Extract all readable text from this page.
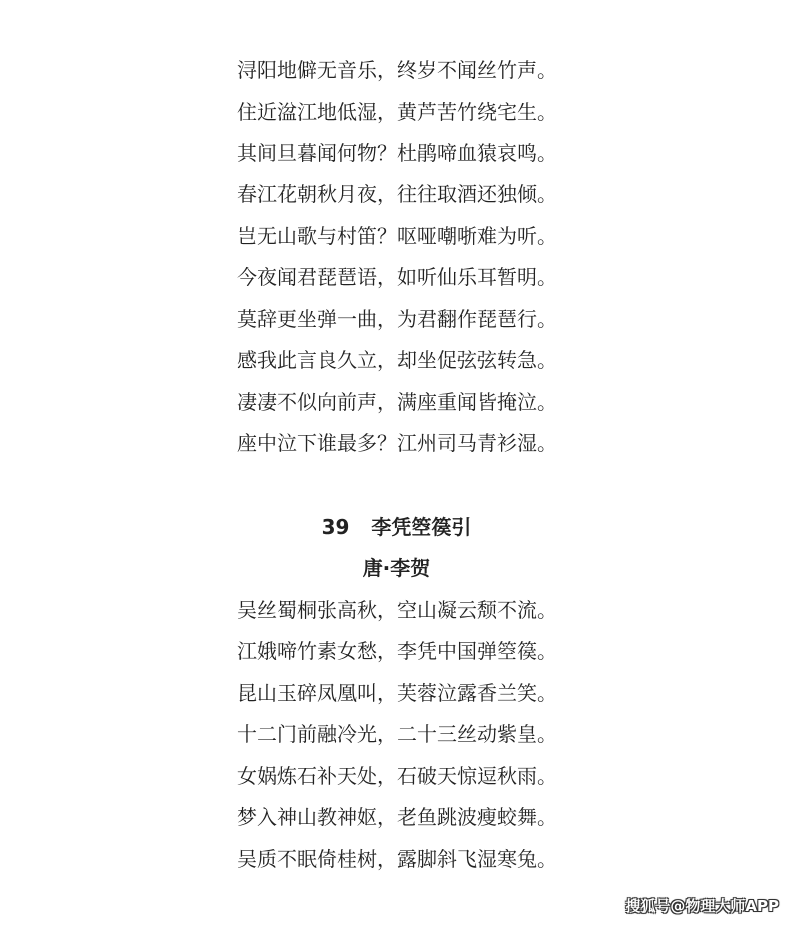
浔阳地僻无音乐，终岁不闻丝竹声。
住近湓江地低湿，黄芦苦竹绕宅生。
其间旦暮闻何物？杜鹃啼血猿哀鸣。
春江花朝秋月夜，往往取酒还独倾。
岂无山歌与村笛？呕哑嘲哳难为听。
今夜闻君琵琶语，如听仙乐耳暂明。
莫辞更坐弹一曲，为君翻作琵琶行。
感我此言良久立，却坐促弦弦转急。
凄凄不似向前声，满座重闻皆掩泣。
座中泣下谁最多？江州司马青衫湿。
39 李凭箜篌引
唐·李贺
吴丝蜀桐张高秋，空山凝云颓不流。
江娥啼竹素女愁，李凭中国弹箜篌。
昆山玉碎凤凰叫，芙蓉泣露香兰笑。
十二门前融冷光，二十三丝动紫皇。
女娲炼石补天处，石破天惊逗秋雨。
梦入神山教神妪，老鱼跳波瘦蛟舞。
吴质不眠倚桂树，露脚斜飞湿寒兔。
搜狐号@物理大师APP
